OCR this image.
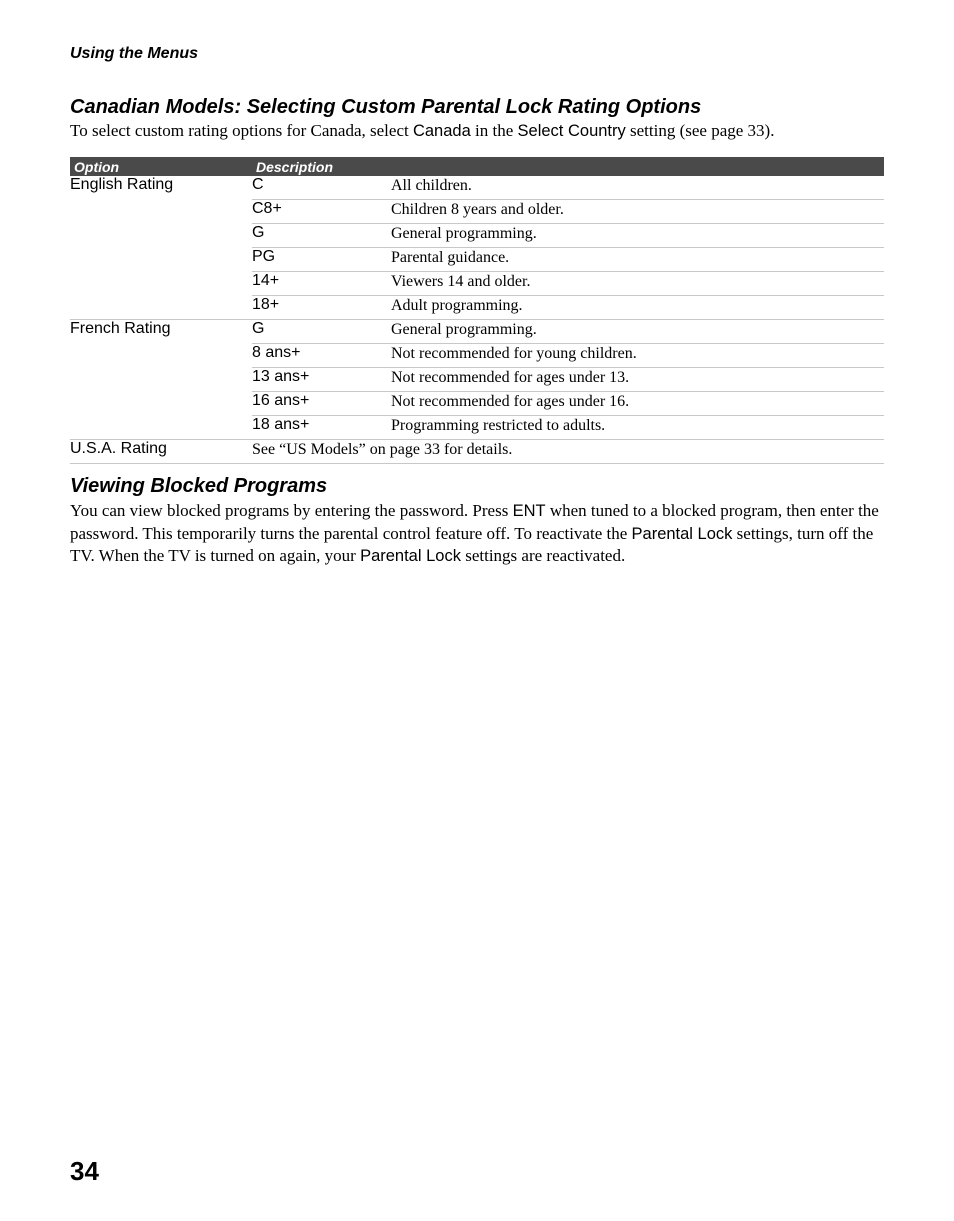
Using the Menus
Canadian Models: Selecting Custom Parental Lock Rating Options
To select custom rating options for Canada, select Canada in the Select Country setting (see page 33).
Option	Description	
English Rating	C	All children.
	C8+	Children 8 years and older.
	G	General programming.
	PG	Parental guidance.
	14+	Viewers 14 and older.
	18+	Adult programming.
French Rating	G	General programming.
	8 ans+	Not recommended for young children.
	13 ans+	Not recommended for ages under 13.
	16 ans+	Not recommended for ages under 16.
	18 ans+	Programming restricted to adults.
U.S.A. Rating	See “US Models” on page 33 for details.	
Viewing Blocked Programs
You can view blocked programs by entering the password. Press ENT when tuned to a blocked program, then enter the password. This temporarily turns the parental control feature off. To reactivate the Parental Lock settings, turn off the TV. When the TV is turned on again, your Parental Lock settings are reactivated.
34
